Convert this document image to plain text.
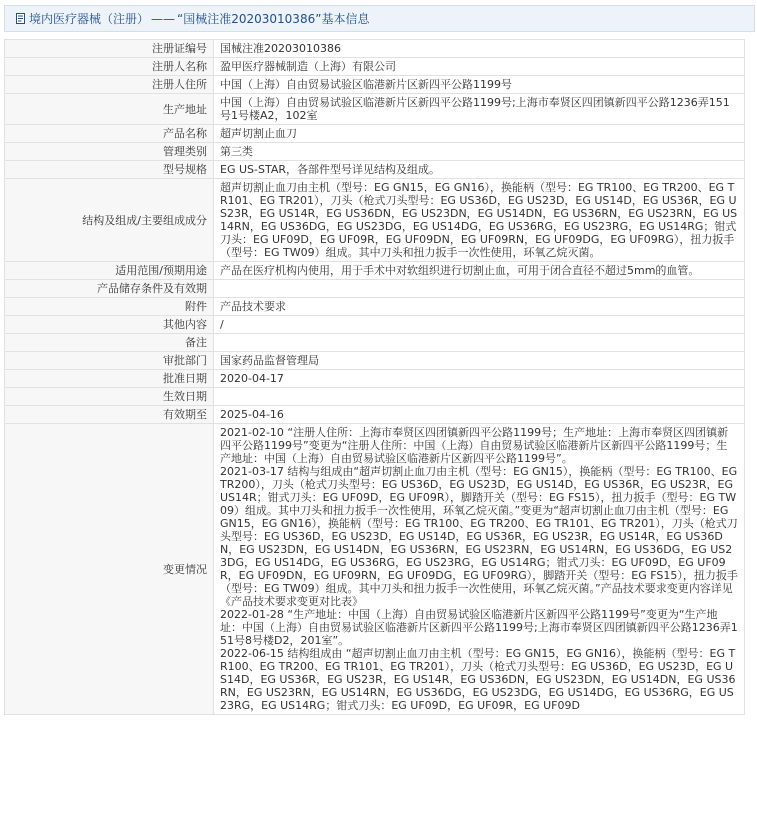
境内医疗器械（注册） —— “国械注准20203010386” 基本信息
注册证编号	国械注准20203010386
注册人名称	盈甲医疗器械制造（上海）有限公司
注册人住所	中国（上海）自由贸易试验区临港新片区新四平公路1199号
生产地址	中国（上海）自由贸易试验区临港新片区新四平公路1199号;上海市奉贤区四团镇新四平公路1236弄151号1号楼A2，102室
产品名称	超声切割止血刀
管理类别	第三类
型号规格	EG US-STAR，各部件型号详见结构及组成。
结构及组成/主要组成成分	超声切割止血刀由主机（型号：EG GN15，EG GN16），换能柄（型号：EG TR100、EG TR200、EG TR101、EG TR201），刀头（枪式刀头型号：EG US36D，EG US23D，EG US14D，EG US36R，EG US23R，EG US14R，EG US36DN，EG US23DN，EG US14DN，EG US36RN，EG US23RN，EG US14RN，EG US36DG，EG US23DG，EG US14DG，EG US36RG，EG US23RG，EG US14RG；钳式刀头：EG UF09D，EG UF09R，EG UF09DN，EG UF09RN，EG UF09DG，EG UF09RG），扭力扳手（型号：EG TW09）组成。其中刀头和扭力扳手一次性使用，环氧乙烷灭菌。
适用范围/预期用途	产品在医疗机构内使用，用于手术中对软组织进行切割止血，可用于闭合直径不超过5mm的血管。
产品储存条件及有效期	
附件	产品技术要求
其他内容	/
备注	
审批部门	国家药品监督管理局
批准日期	2020-04-17
生效日期	
有效期至	2025-04-16
变更情况	2021-02-10 “注册人住所：上海市奉贤区四团镇新四平公路1199号；生产地址：上海市奉贤区四团镇新四平公路1199号”变更为“注册人住所：中国（上海）自由贸易试验区临港新片区新四平公路1199号；生产地址：中国（上海）自由贸易试验区临港新片区新四平公路1199号”。
2021-03-17 结构与组成由“超声切割止血刀由主机（型号：EG GN15），换能柄（型号：EG TR100、EG TR200），刀头（枪式刀头型号：EG US36D，EG US23D，EG US14D，EG US36R，EG US23R，EG US14R；钳式刀头：EG UF09D，EG UF09R），脚踏开关（型号：EG FS15），扭力扳手（型号：EG TW09）组成。其中刀头和扭力扳手一次性使用，环氧乙烷灭菌。”变更为“超声切割止血刀由主机（型号：EG GN15，EG GN16），换能柄（型号：EG TR100、EG TR200、EG TR101、EG TR201），刀头（枪式刀头型号：EG US36D，EG US23D，EG US14D，EG US36R，EG US23R，EG US14R，EG US36DN，EG US23DN，EG US14DN，EG US36RN，EG US23RN，EG US14RN，EG US36DG，EG US23DG，EG US14DG，EG US36RG，EG US23RG，EG US14RG；钳式刀头：EG UF09D，EG UF09R，EG UF09DN，EG UF09RN，EG UF09DG，EG UF09RG），脚踏开关（型号：EG FS15），扭力扳手（型号：EG TW09）组成。其中刀头和扭力扳手一次性使用，环氧乙烷灭菌。”产品技术要求变更内容详见《产品技术要求变更对比表》
2022-01-28 “生产地址：中国（上海）自由贸易试验区临港新片区新四平公路1199号”变更为“生产地址：中国（上海）自由贸易试验区临港新片区新四平公路1199号;上海市奉贤区四团镇新四平公路1236弄151号8号楼D2，201室”。
2022-06-15 结构组成由 “超声切割止血刀由主机（型号：EG GN15，EG GN16），换能柄（型号：EG TR100、EG TR200、EG TR101、EG TR201），刀头（枪式刀头型号：EG US36D，EG US23D，EG US14D，EG US36R，EG US23R，EG US14R，EG US36DN，EG US23DN，EG US14DN，EG US36RN，EG US23RN，EG US14RN，EG US36DG，EG US23DG，EG US14DG，EG US36RG，EG US23RG，EG US14RG；钳式刀头：EG UF09D，EG UF09R，EG UF09D
